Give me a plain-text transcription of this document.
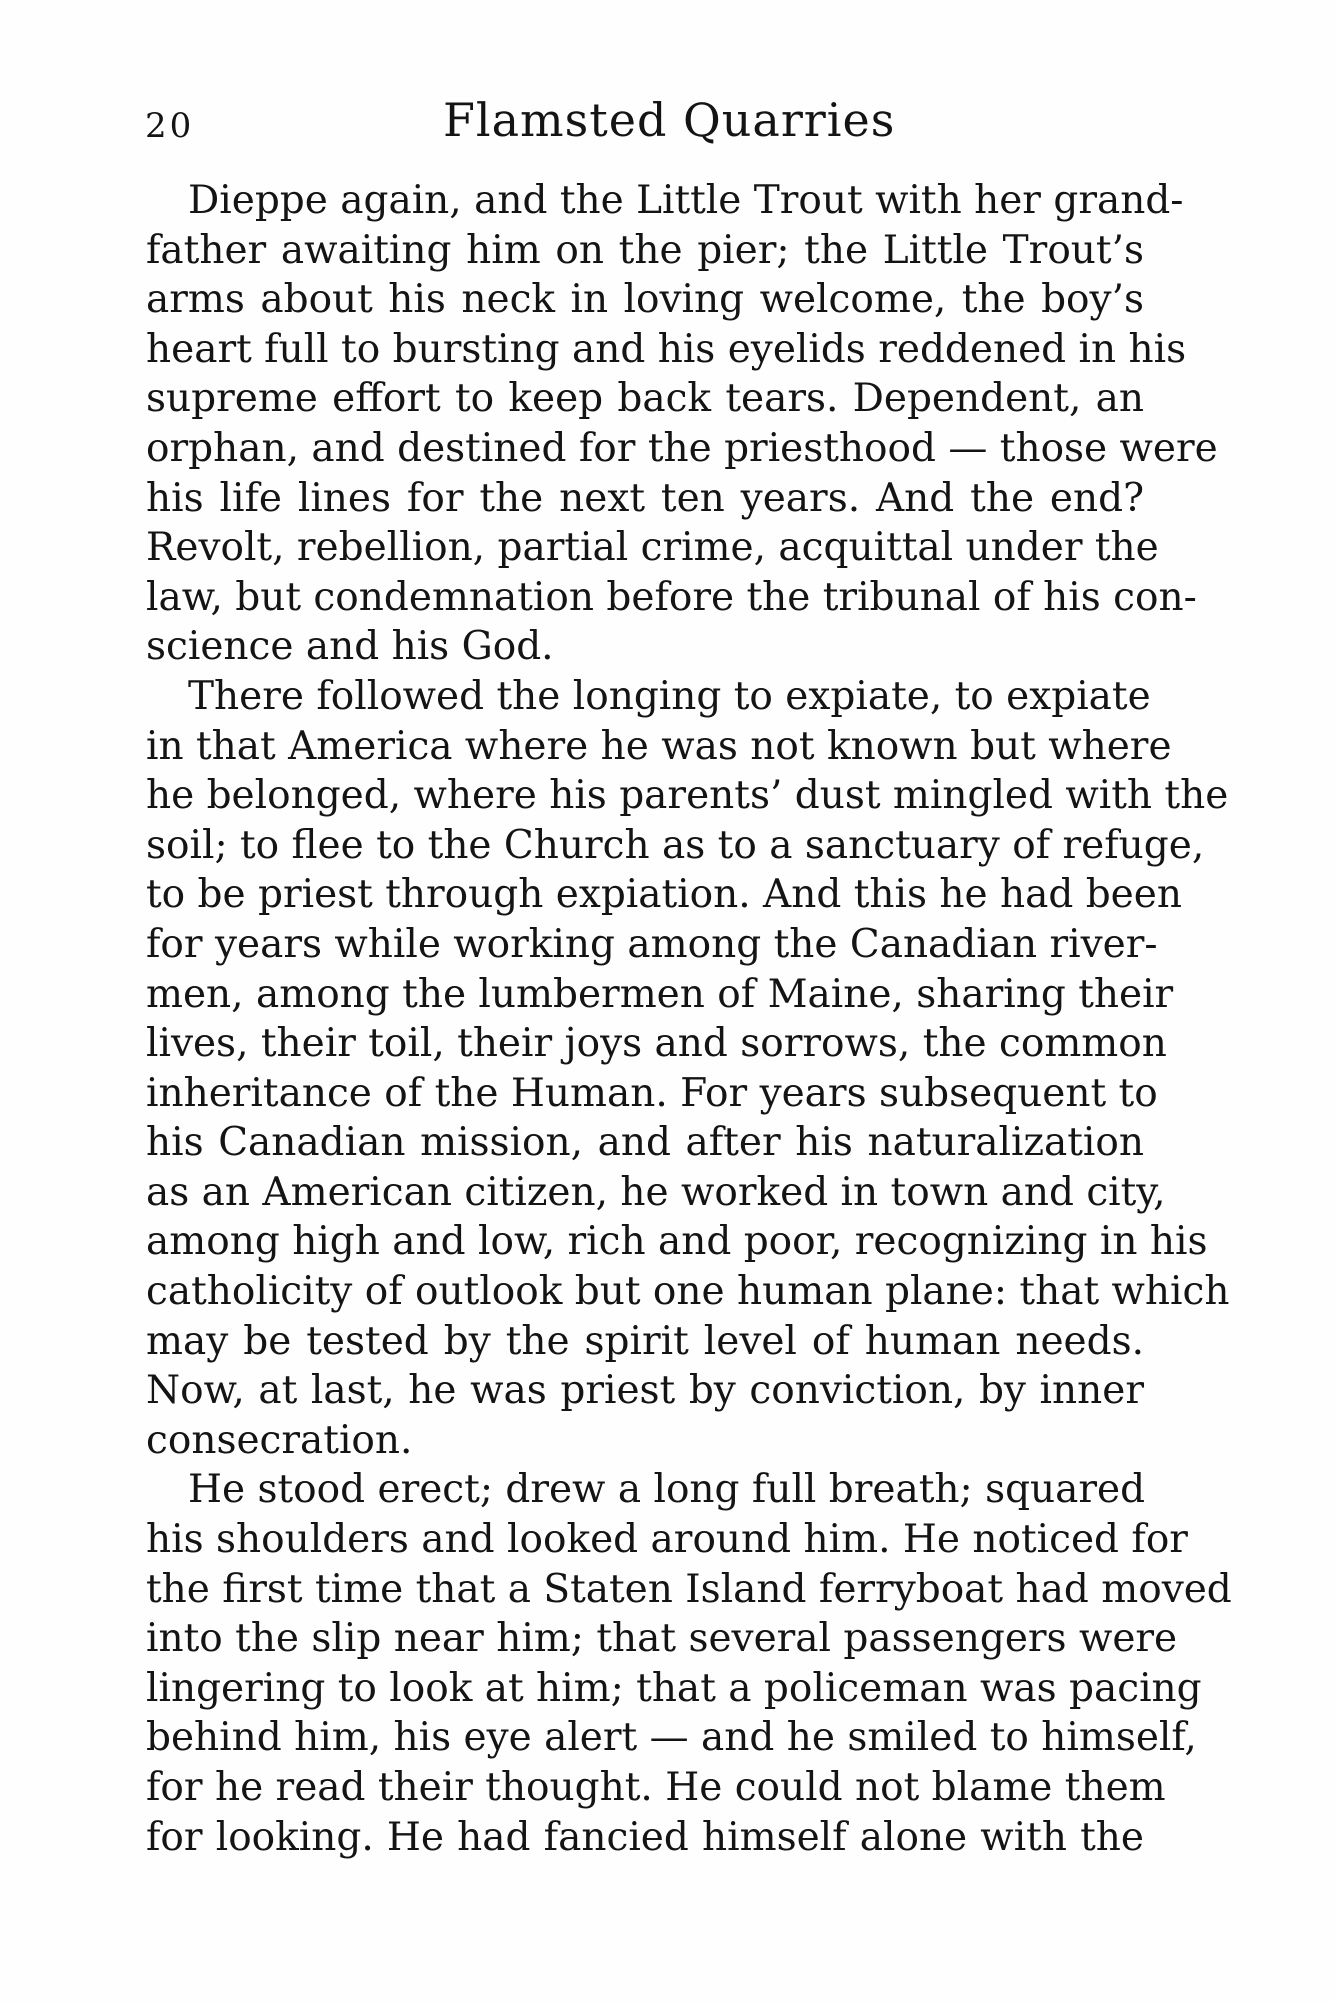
20	Flamsted Quarries
Dieppe again, and the Little Trout with her grand-
father awaiting him on the pier; the Little Trout’s
arms about his neck in loving welcome, the boy’s
heart full to bursting and his eyelids reddened in his
supreme effort to keep back tears. Dependent, an
orphan, and destined for the priesthood — those were
his life lines for the next ten years. And the end?
Revolt, rebellion, partial crime, acquittal under the
law, but condemnation before the tribunal of his con-
science and his God.
There followed the longing to expiate, to expiate
in that America where he was not known but where
he belonged, where his parents’ dust mingled with the
soil; to flee to the Church as to a sanctuary of refuge,
to be priest through expiation. And this he had been
for years while working among the Canadian river-
men, among the lumbermen of Maine, sharing their
lives, their toil, their joys and sorrows, the common
inheritance of the Human. For years subsequent to
his Canadian mission, and after his naturalization
as an American citizen, he worked in town and city,
among high and low, rich and poor, recognizing in his
catholicity of outlook but one human plane: that which
may be tested by the spirit level of human needs.
Now, at last, he was priest by conviction, by inner
consecration.
He stood erect; drew a long full breath; squared
his shoulders and looked around him. He noticed for
the first time that a Staten Island ferryboat had moved
into the slip near him; that several passengers were
lingering to look at him; that a policeman was pacing
behind him, his eye alert — and he smiled to himself,
for he read their thought. He could not blame them
for looking. He had fancied himself alone with the
